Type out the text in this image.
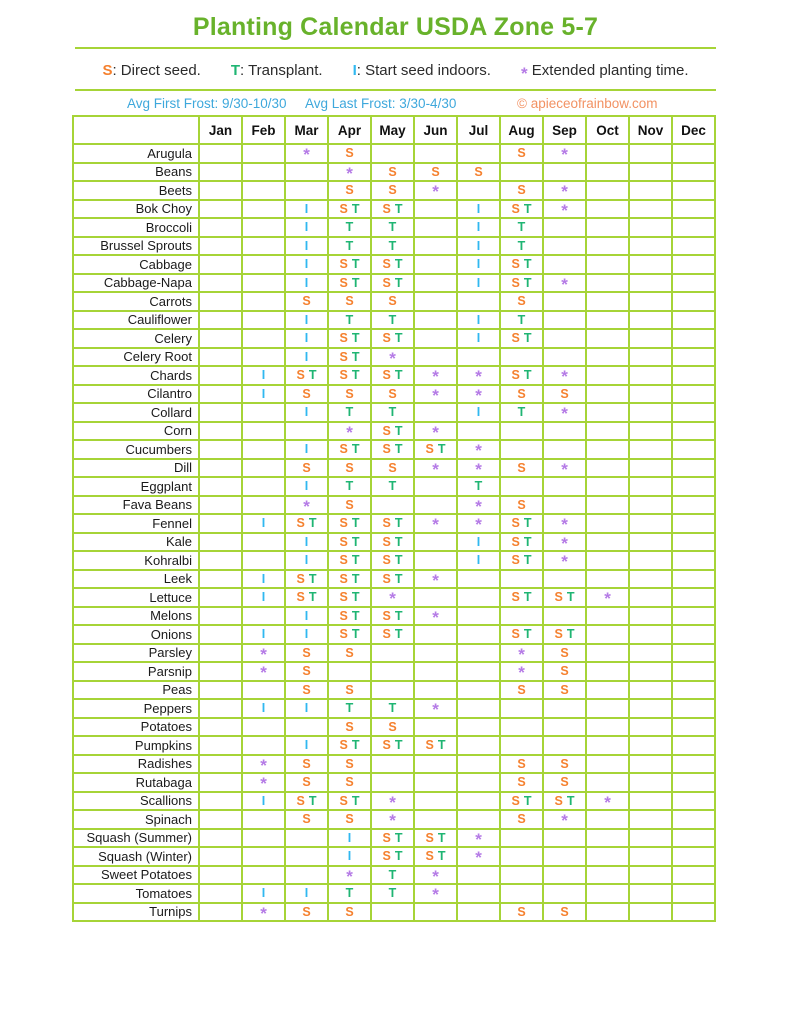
Planting Calendar USDA Zone 5-7
S: Direct seed. T: Transplant. I: Start seed indoors. * Extended planting time.
Avg First Frost: 9/30-10/30 Avg Last Frost: 3/30-4/30	© apieceofrainbow.com
	Jan	Feb	Mar	Apr	May	Jun	Jul	Aug	Sep	Oct	Nov	Dec
Arugula			*	S				S	*			
Beans				*	S	S	S					
Beets				S	S	*		S	*			
Bok Choy			I	S T	S T		I	S T	*			
Broccoli			I	T	T		I	T				
Brussel Sprouts			I	T	T		I	T				
Cabbage			I	S T	S T		I	S T				
Cabbage-Napa			I	S T	S T		I	S T	*			
Carrots			S	S	S			S				
Cauliflower			I	T	T		I	T				
Celery			I	S T	S T		I	S T				
Celery Root			I	S T	*							
Chards		I	S T	S T	S T	*	*	S T	*			
Cilantro		I	S	S	S	*	*	S	S			
Collard			I	T	T		I	T	*			
Corn				*	S T	*						
Cucumbers			I	S T	S T	S T	*					
Dill			S	S	S	*	*	S	*			
Eggplant			I	T	T		T					
Fava Beans			*	S			*	S				
Fennel		I	S T	S T	S T	*	*	S T	*			
Kale			I	S T	S T		I	S T	*			
Kohralbi			I	S T	S T		I	S T	*			
Leek		I	S T	S T	S T	*						
Lettuce		I	S T	S T	*			S T	S T	*		
Melons			I	S T	S T	*						
Onions		I	I	S T	S T			S T	S T			
Parsley		*	S	S				*	S			
Parsnip		*	S					*	S			
Peas			S	S				S	S			
Peppers		I	I	T	T	*						
Potatoes				S	S							
Pumpkins			I	S T	S T	S T						
Radishes		*	S	S				S	S			
Rutabaga		*	S	S				S	S			
Scallions		I	S T	S T	*			S T	S T	*		
Spinach			S	S	*			S	*			
Squash (Summer)				I	S T	S T	*					
Squash (Winter)				I	S T	S T	*					
Sweet Potatoes				*	T	*						
Tomatoes		I	I	T	T	*						
Turnips		*	S	S				S	S			
